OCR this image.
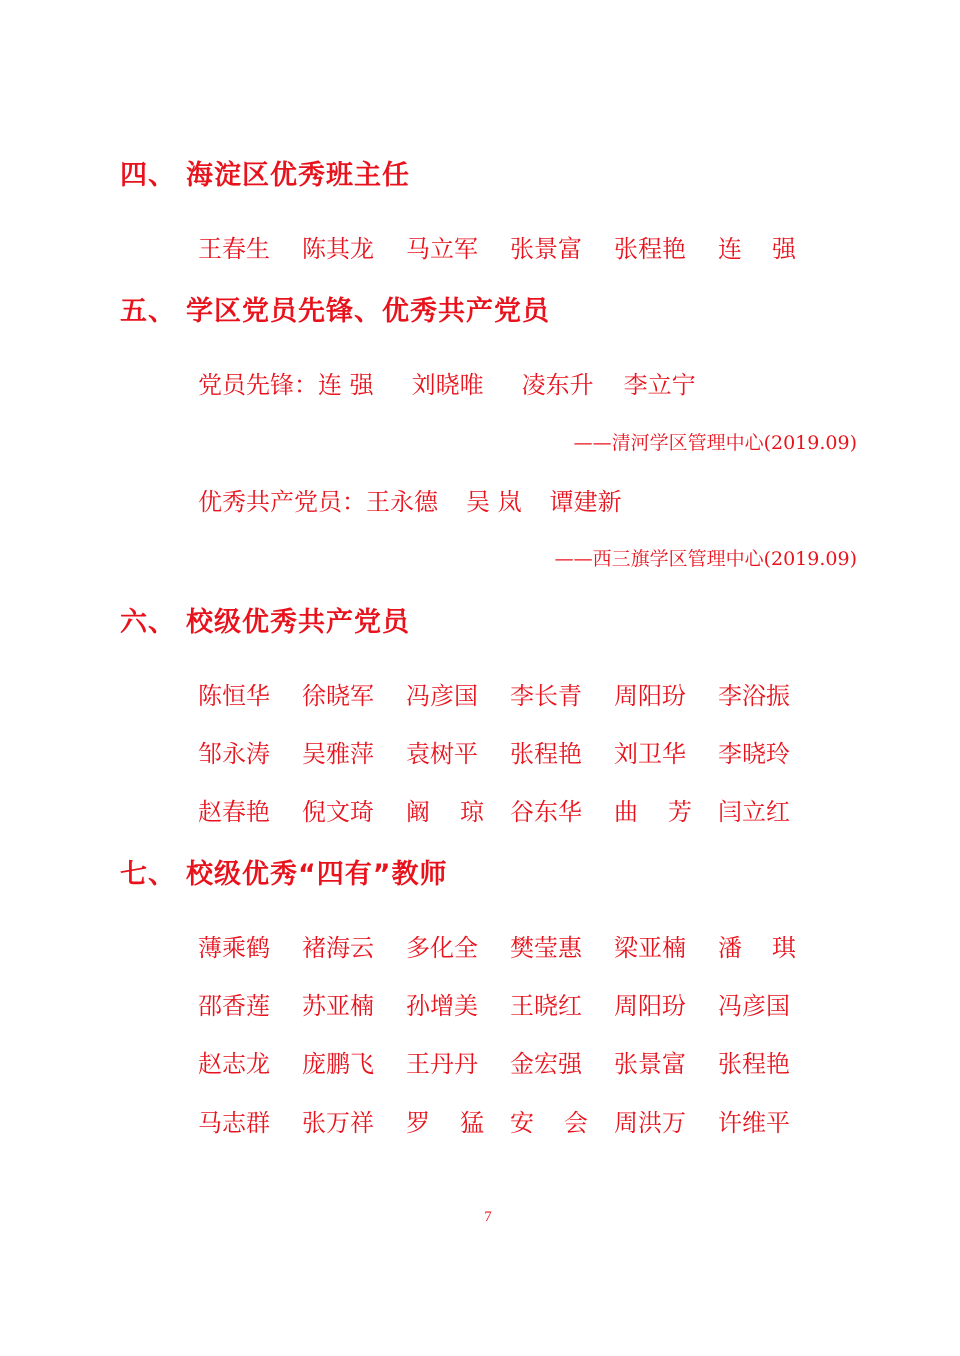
四、 海淀区优秀班主任
王春生 陈其龙 马立军 张景富 张程艳 连 强
五、 学区党员先锋、优秀共产党员
党员先锋：连 强 刘晓唯 凌东升 李立宁
——清河学区管理中心(2019.09)
优秀共产党员：王永德 吴 岚 谭建新
——西三旗学区管理中心(2019.09)
六、 校级优秀共产党员
陈恒华 徐晓军 冯彦国 李长青 周阳玢 李浴振
邹永涛 吴雅萍 袁树平 张程艳 刘卫华 李晓玲
赵春艳 倪文琦 阚 琼 谷东华 曲 芳 闫立红
七、 校级优秀“四有”教师
薄乘鹤 褚海云 多化全 樊莹惠 梁亚楠 潘 琪
邵香莲 苏亚楠 孙增美 王晓红 周阳玢 冯彦国
赵志龙 庞鹏飞 王丹丹 金宏强 张景富 张程艳
马志群 张万祥 罗 猛 安 会 周洪万 许维平
7
